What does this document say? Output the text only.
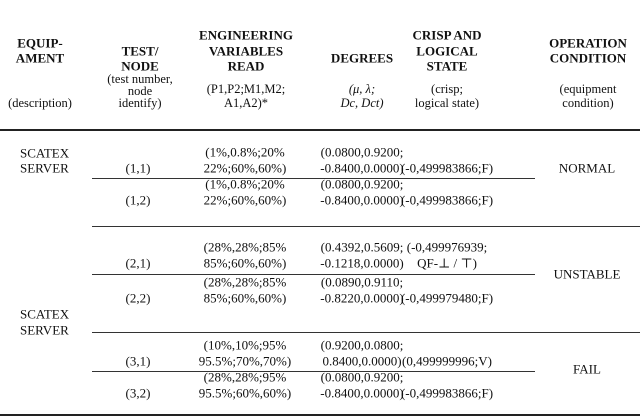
EQUIP-
AMENT
(description)
TEST/
NODE
(test number,
node
identify)
ENGINEERING
VARIABLES
READ
(P1,P2;M1,M2;
A1,A2)*
DEGREES
(μ, λ;
Dc, Dct)
CRISP AND
LOGICAL
STATE
(crisp;
logical state)
OPERATION
CONDITION
(equipment
condition)
SCATEX
SERVER
SCATEX
SERVER
(1,1)
(1%,0.8%;20%
22%;60%,60%)
(0.0800,0.9200;
-0.8400,0.0000)
(-0,499983866;F)
(1,2)
(1%,0.8%;20%
22%;60%,60%)
(0.0800,0.9200;
-0.8400,0.0000)
(-0,499983866;F)
(2,1)
(28%,28%;85%
85%;60%,60%)
(0.4392,0.5609;
-0.1218,0.0000)
(-0,499976939;
QF-⊥ / ⊤)
(2,2)
(28%,28%;85%
85%;60%,60%)
(0.0890,0.9110;
-0.8220,0.0000)
(-0,499979480;F)
(3,1)
(10%,10%;95%
95.5%;70%,70%)
(0.9200,0.0800;
0.8400,0.0000) (0,499999996;V)
(3,2)
(28%,28%;95%
95.5%;60%,60%)
(0.0800,0.9200;
-0.8400,0.0000)
(-0,499983866;F)
NORMAL
UNSTABLE
FAIL
